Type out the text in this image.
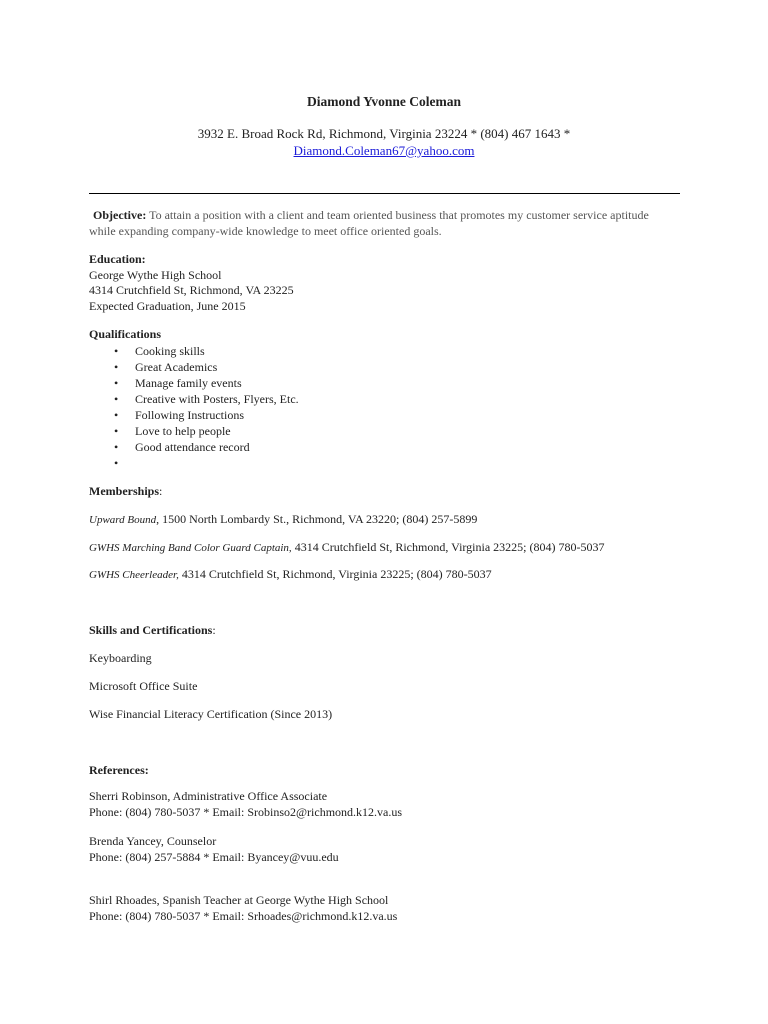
Diamond Yvonne Coleman
3932 E. Broad Rock Rd, Richmond, Virginia 23224 * (804) 467 1643 *
Diamond.Coleman67@yahoo.com
Objective: To attain a position with a client and team oriented business that promotes my customer service aptitude
while expanding company-wide knowledge to meet office oriented goals.
Education:
George Wythe High School
4314 Crutchfield St, Richmond, VA 23225
Expected Graduation, June 2015
Qualifications
• Cooking skills
• Great Academics
• Manage family events
• Creative with Posters, Flyers, Etc.
• Following Instructions
• Love to help people
• Good attendance record
•
Memberships:
Upward Bound, 1500 North Lombardy St., Richmond, VA 23220; (804) 257-5899
GWHS Marching Band Color Guard Captain, 4314 Crutchfield St, Richmond, Virginia 23225; (804) 780-5037
GWHS Cheerleader, 4314 Crutchfield St, Richmond, Virginia 23225; (804) 780-5037
Skills and Certifications:
Keyboarding
Microsoft Office Suite
Wise Financial Literacy Certification (Since 2013)
References:
Sherri Robinson, Administrative Office Associate
Phone: (804) 780-5037 * Email: Srobinso2@richmond.k12.va.us
Brenda Yancey, Counselor
Phone: (804) 257-5884 * Email: Byancey@vuu.edu
Shirl Rhoades, Spanish Teacher at George Wythe High School
Phone: (804) 780-5037 * Email: Srhoades@richmond.k12.va.us
